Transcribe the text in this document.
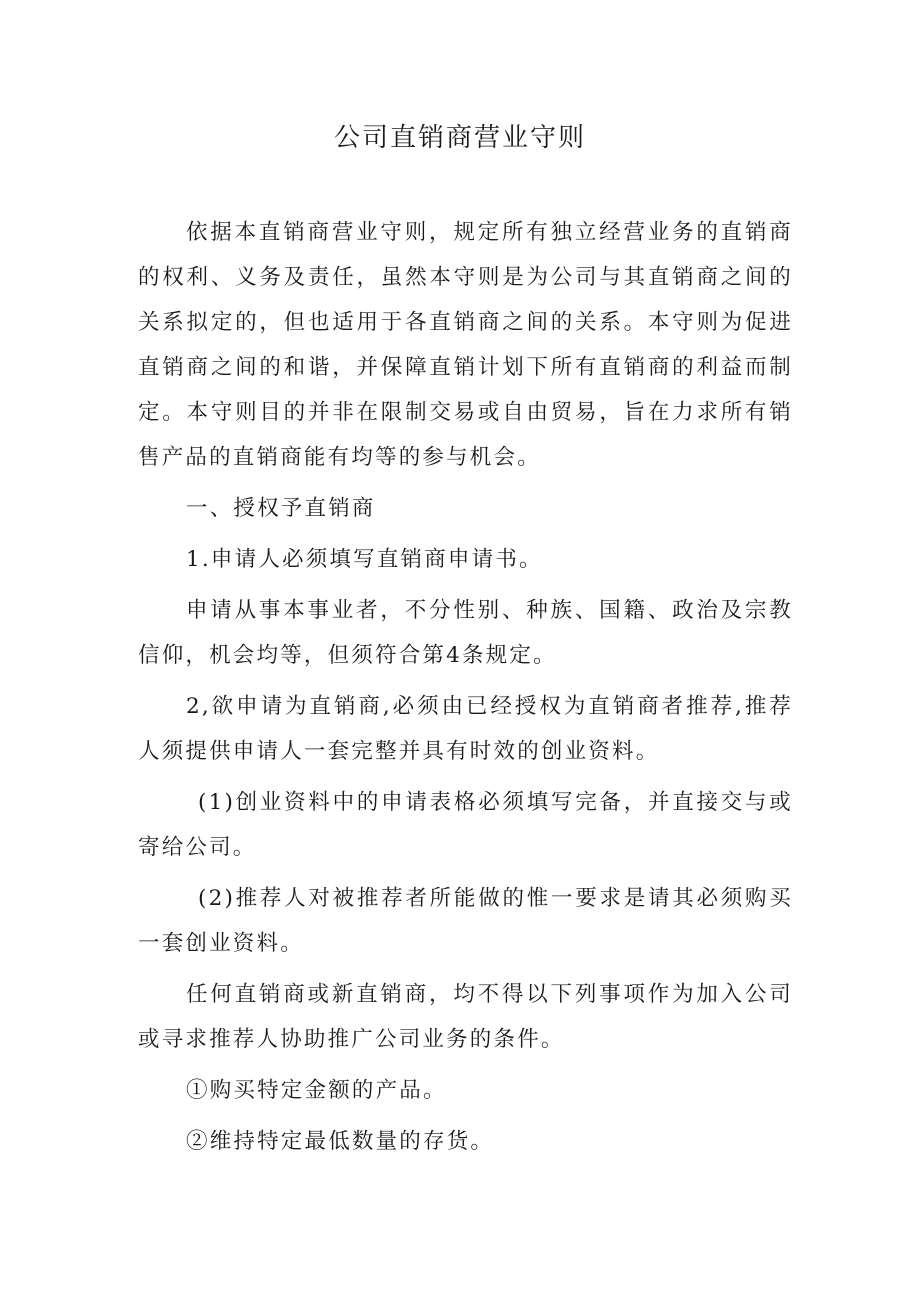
公司直销商营业守则

依据本直销商营业守则，规定所有独立经营业务的直销商的权利、义务及责任，虽然本守则是为公司与其直销商之间的关系拟定的，但也适用于各直销商之间的关系。本守则为促进直销商之间的和谐，并保障直销计划下所有直销商的利益而制定。本守则目的并非在限制交易或自由贸易，旨在力求所有销售产品的直销商能有均等的参与机会。

一、授权予直销商

1.申请人必须填写直销商申请书。

申请从事本事业者，不分性别、种族、国籍、政治及宗教信仰，机会均等，但须符合第4条规定。

2,欲申请为直销商,必须由已经授权为直销商者推荐,推荐人须提供申请人一套完整并具有时效的创业资料。

(1)创业资料中的申请表格必须填写完备，并直接交与或寄给公司。

(2)推荐人对被推荐者所能做的惟一要求是请其必须购买一套创业资料。

任何直销商或新直销商，均不得以下列事项作为加入公司或寻求推荐人协助推广公司业务的条件。

①购买特定金额的产品。

②维持特定最低数量的存货。
